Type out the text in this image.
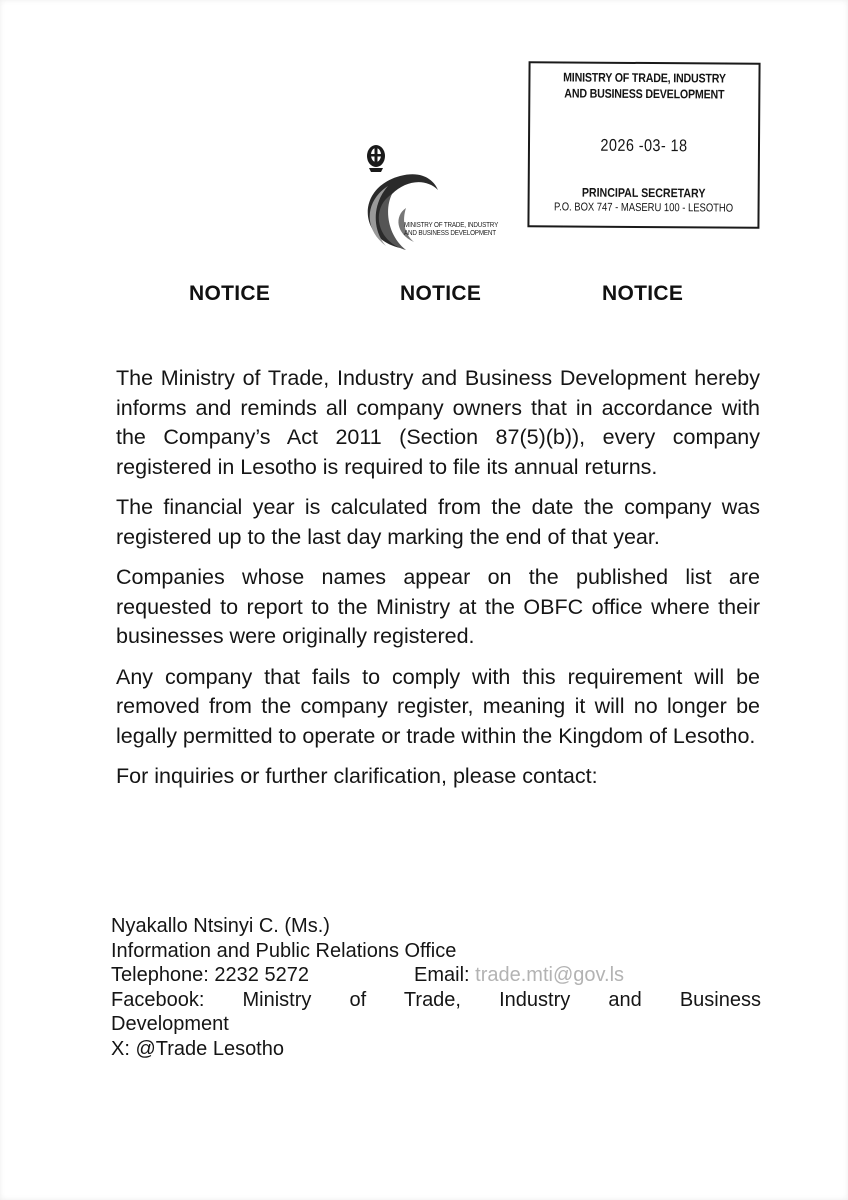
MINISTRY OF TRADE, INDUSTRY AND BUSINESS DEVELOPMENT
2026 -03- 18
PRINCIPAL SECRETARY
P.O. BOX 747 - MASERU 100 - LESOTHO
MINISTRY OF TRADE, INDUSTRY
AND BUSINESS DEVELOPMENT
NOTICE	NOTICE	NOTICE

The Ministry of Trade, Industry and Business Development hereby informs and reminds all company owners that in accordance with the Company’s Act 2011 (Section 87(5)(b)), every company registered in Lesotho is required to file its annual returns.

The financial year is calculated from the date the company was registered up to the last day marking the end of that year.

Companies whose names appear on the published list are requested to report to the Ministry at the OBFC office where their businesses were originally registered.

Any company that fails to comply with this requirement will be removed from the company register, meaning it will no longer be legally permitted to operate or trade within the Kingdom of Lesotho.

For inquiries or further clarification, please contact:

Nyakallo Ntsinyi C. (Ms.)
Information and Public Relations Office
Telephone: 2232 5272	Email: trade.mti@gov.ls
Facebook: Ministry of Trade, Industry and Business
Development
X: @Trade Lesotho
